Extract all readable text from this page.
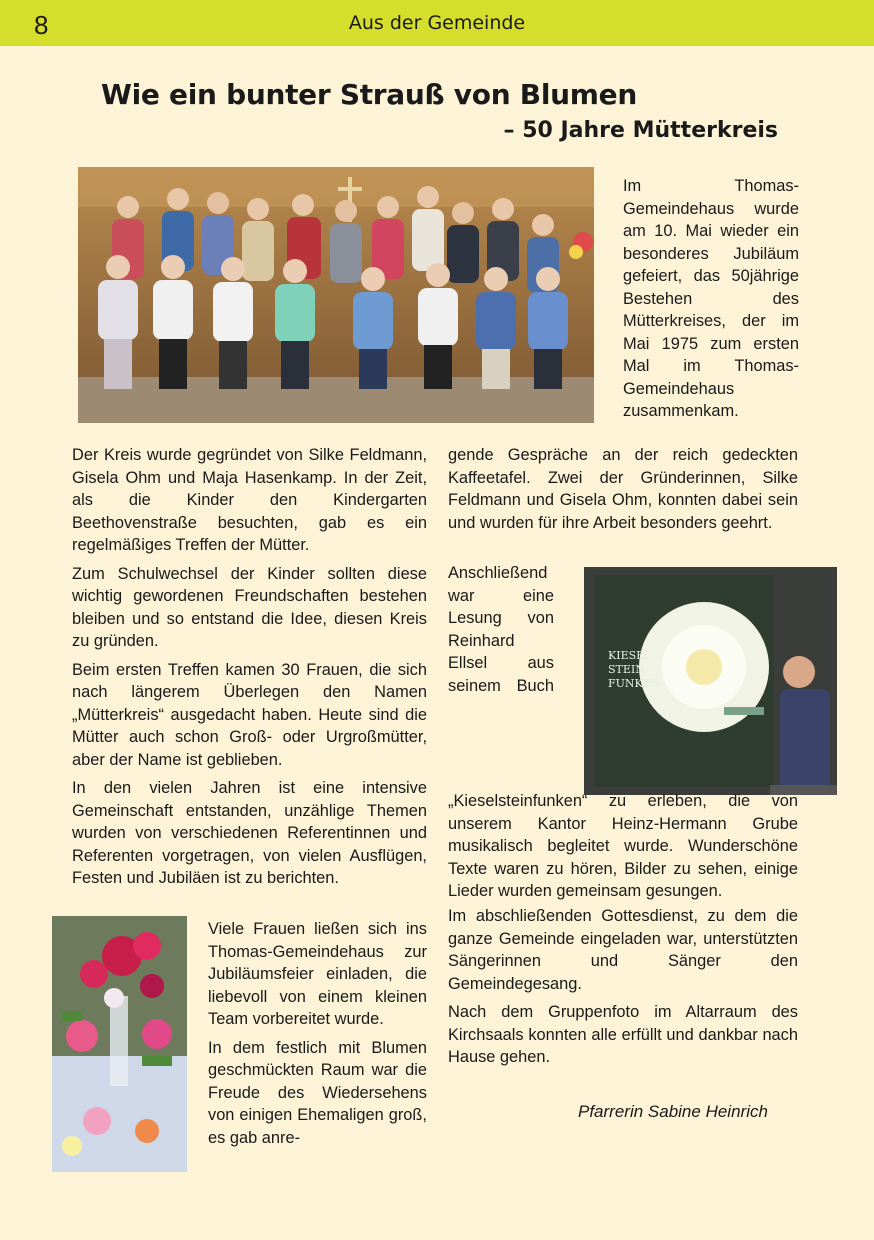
8	Aus der Gemeinde
Wie ein bunter Strauß von Blumen
– 50 Jahre Mütterkreis
Im Thomas-Gemeindehaus wurde am 10. Mai wieder ein besonderes Jubiläum gefeiert, das 50jährige Bestehen des Mütterkreises, der im Mai 1975 zum ersten Mal im Thomas-Gemeindehaus zusammenkam.

Der Kreis wurde gegründet von Silke Feldmann, Gisela Ohm und Maja Hasenkamp. In der Zeit, als die Kinder den Kindergarten Beethovenstraße besuchten, gab es ein regelmäßiges Treffen der Mütter.

Zum Schulwechsel der Kinder sollten diese wichtig gewordenen Freundschaften bestehen bleiben und so entstand die Idee, diesen Kreis zu gründen.

Beim ersten Treffen kamen 30 Frauen, die sich nach längerem Überlegen den Namen „Mütterkreis“ ausgedacht haben. Heute sind die Mütter auch schon Groß- oder Urgroßmütter, aber der Name ist geblieben.

In den vielen Jahren ist eine intensive Gemeinschaft entstanden, unzählige Themen wurden von verschiedenen Referentinnen und Referenten vorgetragen, von vielen Ausflügen, Festen und Jubiläen ist zu berichten.

Viele Frauen ließen sich ins Thomas-Gemeindehaus zur Jubiläumsfeier einladen, die liebevoll von einem kleinen Team vorbereitet wurde.

In dem festlich mit Blumen geschmückten Raum war die Freude des Wiedersehens von einigen Ehemaligen groß, es gab anre-

gende Gespräche an der reich gedeckten Kaffeetafel. Zwei der Gründerinnen, Silke Feldmann und Gisela Ohm, konnten dabei sein und wurden für ihre Arbeit besonders geehrt.
KIESEL
STEIN
FUNKEN
Anschließend war eine Lesung von Reinhard Ellsel aus seinem Buch „Kieselsteinfunken“ zu erleben, die von unserem Kantor Heinz-Hermann Grube musikalisch begleitet wurde. Wunderschöne Texte waren zu hören, Bilder zu sehen, einige Lieder wurden gemeinsam gesungen.

Im abschließenden Gottesdienst, zu dem die ganze Gemeinde eingeladen war, unterstützten Sängerinnen und Sänger den Gemeindegesang.

Nach dem Gruppenfoto im Altarraum des Kirchsaals konnten alle erfüllt und dankbar nach Hause gehen.

Pfarrerin Sabine Heinrich
